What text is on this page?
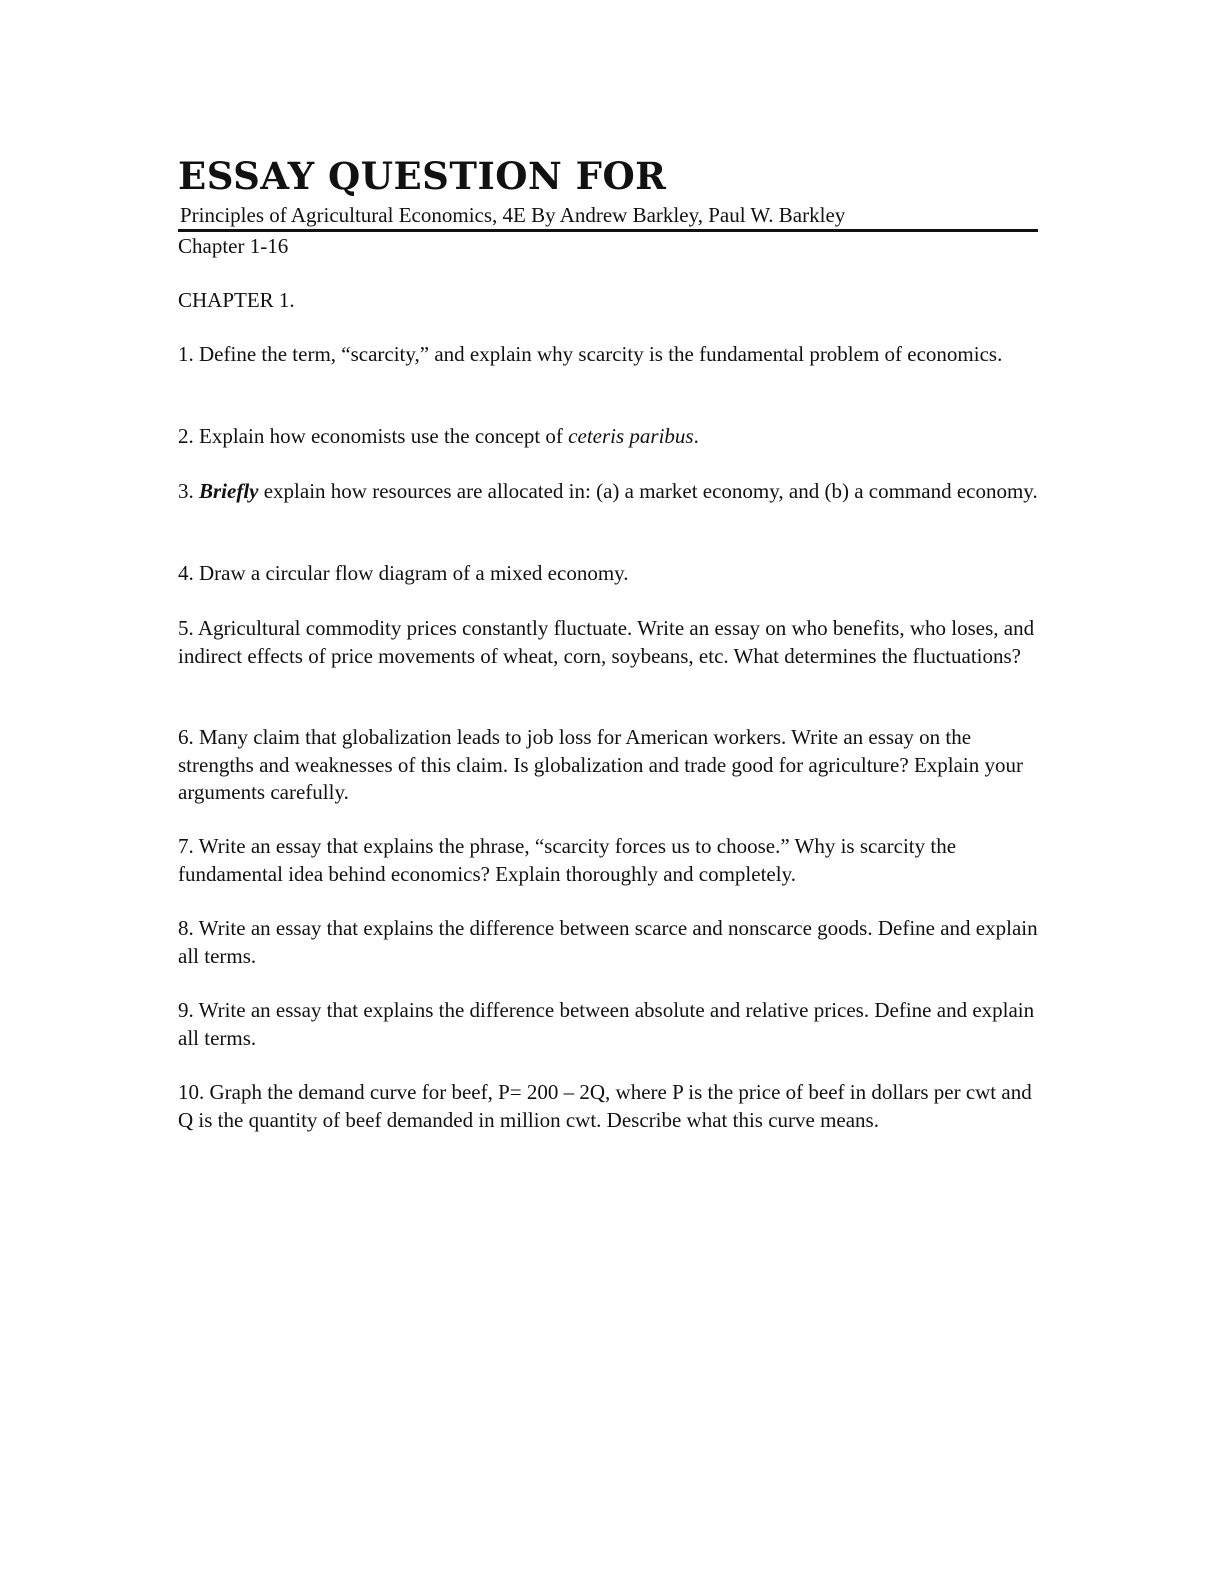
ESSAY QUESTION FOR
Principles of Agricultural Economics, 4E By Andrew Barkley, Paul W. Barkley
Chapter 1-16
CHAPTER 1.

1. Define the term, “scarcity,” and explain why scarcity is the fundamental problem of economics.

2. Explain how economists use the concept of ceteris paribus.

3. Briefly explain how resources are allocated in: (a) a market economy, and (b) a command economy.

4. Draw a circular flow diagram of a mixed economy.

5. Agricultural commodity prices constantly fluctuate. Write an essay on who benefits, who loses, and indirect effects of price movements of wheat, corn, soybeans, etc. What determines the fluctuations?

6. Many claim that globalization leads to job loss for American workers. Write an essay on the strengths and weaknesses of this claim. Is globalization and trade good for agriculture? Explain your arguments carefully.

7. Write an essay that explains the phrase, “scarcity forces us to choose.” Why is scarcity the fundamental idea behind economics? Explain thoroughly and completely.

8. Write an essay that explains the difference between scarce and nonscarce goods. Define and explain all terms.

9. Write an essay that explains the difference between absolute and relative prices. Define and explain all terms.

10. Graph the demand curve for beef, P= 200 – 2Q, where P is the price of beef in dollars per cwt and Q is the quantity of beef demanded in million cwt. Describe what this curve means.
